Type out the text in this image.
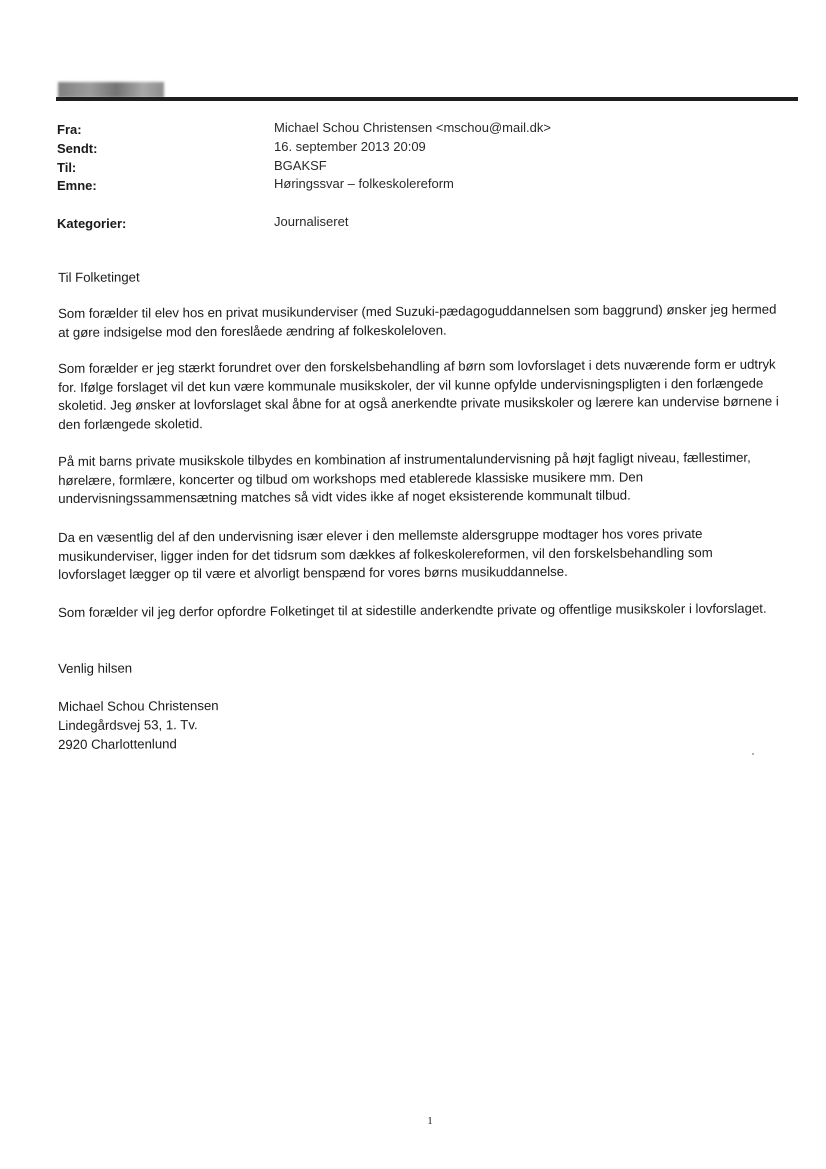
Fra:	Michael Schou Christensen <mschou@mail.dk>
Sendt:	16. september 2013 20:09
Til:	BGAKSF
Emne:	Høringssvar – folkeskolereform
Kategorier:	Journaliseret

Til Folketinget

Som forælder til elev hos en privat musikunderviser (med Suzuki-pædagoguddannelsen som baggrund) ønsker jeg hermed at gøre indsigelse mod den foreslåede ændring af folkeskoleloven.

Som forælder er jeg stærkt forundret over den forskelsbehandling af børn som lovforslaget i dets nuværende form er udtryk for. Ifølge forslaget vil det kun være kommunale musikskoler, der vil kunne opfylde undervisningspligten i den forlængede skoletid. Jeg ønsker at lovforslaget skal åbne for at også anerkendte private musikskoler og lærere kan undervise børnene i den forlængede skoletid.

På mit barns private musikskole tilbydes en kombination af instrumentalundervisning på højt fagligt niveau, fællestimer, hørelære, formlære, koncerter og tilbud om workshops med etablerede klassiske musikere mm. Den undervisningssammensætning matches så vidt vides ikke af noget eksisterende kommunalt tilbud.

Da en væsentlig del af den undervisning især elever i den mellemste aldersgruppe modtager hos vores private musikunderviser, ligger inden for det tidsrum som dækkes af folkeskolereformen, vil den forskelsbehandling som lovforslaget lægger op til være et alvorligt benspænd for vores børns musikuddannelse.

Som forælder vil jeg derfor opfordre Folketinget til at sidestille anderkendte private og offentlige musikskoler i lovforslaget.

Venlig hilsen

Michael Schou Christensen

Lindegårdsvej 53, 1. Tv.

2920 Charlottenlund

1
